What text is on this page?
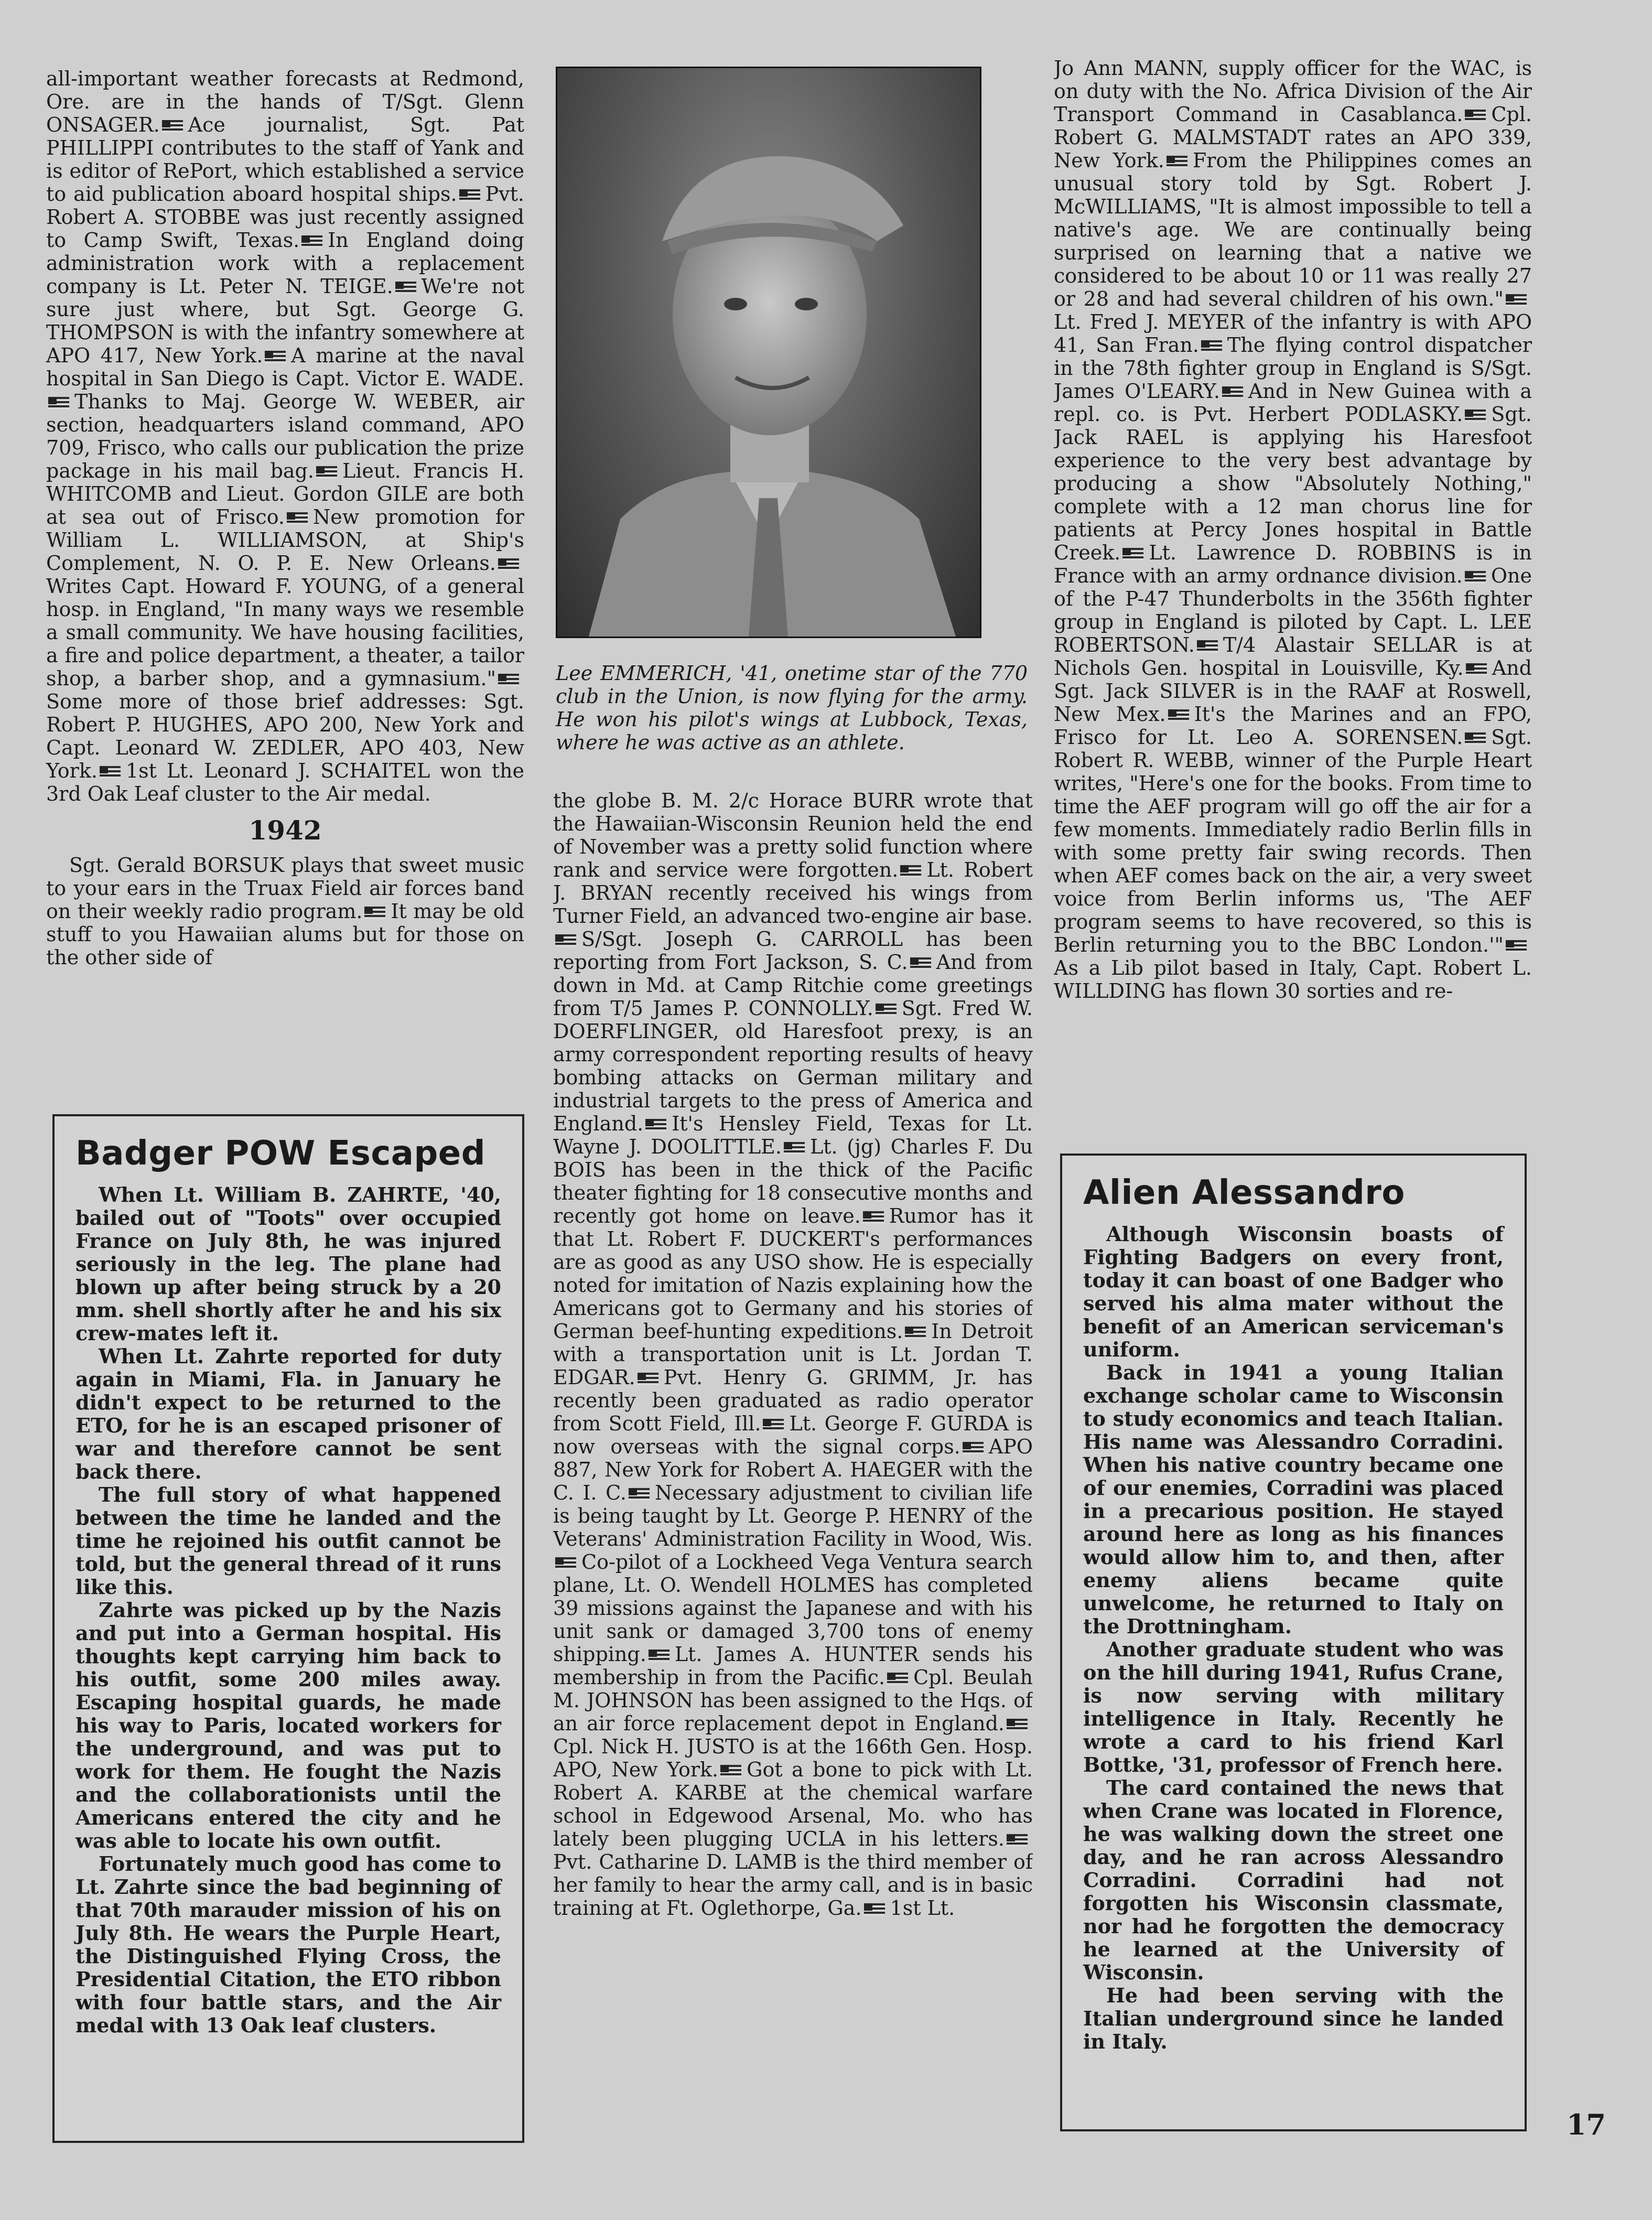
all-important weather forecasts at Redmond, Ore. are in the hands of T/Sgt. Glenn ONSAGER. Ace journalist, Sgt. Pat PHILLIPPI contributes to the staff of Yank and is editor of RePort, which established a service to aid publication aboard hospital ships. Pvt. Robert A. STOBBE was just recently assigned to Camp Swift, Texas. In England doing administration work with a replacement company is Lt. Peter N. TEIGE. We're not sure just where, but Sgt. George G. THOMPSON is with the infantry somewhere at APO 417, New York. A marine at the naval hospital in San Diego is Capt. Victor E. WADE.Thanks to Maj. George W. WEBER, air section, headquarters island command, APO 709, Frisco, who calls our publication the prize package in his mail bag. Lieut. Francis H. WHITCOMB and Lieut. Gordon GILE are both at sea out of Frisco. New promotion for William L. WILLIAMSON, at Ship's Complement, N. O. P. E. New Orleans.Writes Capt. Howard F. YOUNG, of a general hosp. in England, "In many ways we resemble a small community. We have housing facilities, a fire and police department, a theater, a tailor shop, a barber shop, and a gymnasium."Some more of those brief addresses: Sgt. Robert P. HUGHES, APO 200, New York and Capt. Leonard W. ZEDLER, APO 403, New York. 1st Lt. Leonard J. SCHAITEL won the 3rd Oak Leaf cluster to the Air medal.

1942

Sgt. Gerald BORSUK plays that sweet music to your ears in the Truax Field air forces band on their weekly radio program. It may be old stuff to you Hawaiian alums but for those on the other side of

Badger POW Escaped

When Lt. William B. ZAHRTE, '40, bailed out of "Toots" over occupied France on July 8th, he was injured seriously in the leg. The plane had blown up after being struck by a 20 mm. shell shortly after he and his six crew-mates left it.

When Lt. Zahrte reported for duty again in Miami, Fla. in January he didn't expect to be returned to the ETO, for he is an escaped prisoner of war and therefore cannot be sent back there.

The full story of what happened between the time he landed and the time he rejoined his outfit cannot be told, but the general thread of it runs like this.

Zahrte was picked up by the Nazis and put into a German hospital. His thoughts kept carrying him back to his outfit, some 200 miles away. Escaping hospital guards, he made his way to Paris, located workers for the underground, and was put to work for them. He fought the Nazis and the collaborationists until the Americans entered the city and he was able to locate his own outfit.

Fortunately much good has come to Lt. Zahrte since the bad beginning of that 70th marauder mission of his on July 8th. He wears the Purple Heart, the Distinguished Flying Cross, the Presidential Citation, the ETO ribbon with four battle stars, and the Air medal with 13 Oak leaf clusters.

Lee EMMERICH, '41, onetime star of the 770 club in the Union, is now flying for the army. He won his pilot's wings at Lubbock, Texas, where he was active as an athlete.

the globe B. M. 2/c Horace BURR wrote that the Hawaiian-Wisconsin Reunion held the end of November was a pretty solid function where rank and service were forgotten. Lt. Robert J. BRYAN recently received his wings from Turner Field, an advanced two-engine air base.S/Sgt. Joseph G. CARROLL has been reporting from Fort Jackson, S. C. And from down in Md. at Camp Ritchie come greetings from T/5 James P. CONNOLLY. Sgt. Fred W. DOERFLINGER, old Haresfoot prexy, is an army correspondent reporting results of heavy bombing attacks on German military and industrial targets to the press of America and England. It's Hensley Field, Texas for Lt. Wayne J. DOOLITTLE. Lt. (jg) Charles F. Du BOIS has been in the thick of the Pacific theater fighting for 18 consecutive months and recently got home on leave. Rumor has it that Lt. Robert F. DUCKERT's performances are as good as any USO show. He is especially noted for imitation of Nazis explaining how the Americans got to Germany and his stories of German beef-hunting expeditions. In Detroit with a transportation unit is Lt. Jordan T. EDGAR. Pvt. Henry G. GRIMM, Jr. has recently been graduated as radio operator from Scott Field, Ill. Lt. George F. GURDA is now overseas with the signal corps. APO 887, New York for Robert A. HAEGER with the C. I. C. Necessary adjustment to civilian life is being taught by Lt. George P. HENRY of the Veterans' Administration Facility in Wood, Wis.Co-pilot of a Lockheed Vega Ventura search plane, Lt. O. Wendell HOLMES has completed 39 missions against the Japanese and with his unit sank or damaged 3,700 tons of enemy shipping. Lt. James A. HUNTER sends his membership in from the Pacific. Cpl. Beulah M. JOHNSON has been assigned to the Hqs. of an air force replacement depot in England.Cpl. Nick H. JUSTO is at the 166th Gen. Hosp. APO, New York. Got a bone to pick with Lt. Robert A. KARBE at the chemical warfare school in Edgewood Arsenal, Mo. who has lately been plugging UCLA in his letters.Pvt. Catharine D. LAMB is the third member of her family to hear the army call, and is in basic training at Ft. Oglethorpe, Ga. 1st Lt.

Jo Ann MANN, supply officer for the WAC, is on duty with the No. Africa Division of the Air Transport Command in Casablanca. Cpl. Robert G. MALMSTADT rates an APO 339, New York. From the Philippines comes an unusual story told by Sgt. Robert J. McWILLIAMS, "It is almost impossible to tell a native's age. We are continually being surprised on learning that a native we considered to be about 10 or 11 was really 27 or 28 and had several children of his own."Lt. Fred J. MEYER of the infantry is with APO 41, San Fran. The flying control dispatcher in the 78th fighter group in England is S/Sgt. James O'LEARY. And in New Guinea with a repl. co. is Pvt. Herbert PODLASKY. Sgt. Jack RAEL is applying his Haresfoot experience to the very best advantage by producing a show "Absolutely Nothing," complete with a 12 man chorus line for patients at Percy Jones hospital in Battle Creek. Lt. Lawrence D. ROBBINS is in France with an army ordnance division. One of the P-47 Thunderbolts in the 356th fighter group in England is piloted by Capt. L. LEE ROBERTSON. T/4 Alastair SELLAR is at Nichols Gen. hospital in Louisville, Ky. And Sgt. Jack SILVER is in the RAAF at Roswell, New Mex. It's the Marines and an FPO, Frisco for Lt. Leo A. SORENSEN. Sgt. Robert R. WEBB, winner of the Purple Heart writes, "Here's one for the books. From time to time the AEF program will go off the air for a few moments. Immediately radio Berlin fills in with some pretty fair swing records. Then when AEF comes back on the air, a very sweet voice from Berlin informs us, 'The AEF program seems to have recovered, so this is Berlin returning you to the BBC London.'"As a Lib pilot based in Italy, Capt. Robert L. WILLDING has flown 30 sorties and re-

Alien Alessandro

Although Wisconsin boasts of Fighting Badgers on every front, today it can boast of one Badger who served his alma mater without the benefit of an American serviceman's uniform.

Back in 1941 a young Italian exchange scholar came to Wisconsin to study economics and teach Italian. His name was Alessandro Corradini. When his native country became one of our enemies, Corradini was placed in a precarious position. He stayed around here as long as his finances would allow him to, and then, after enemy aliens became quite unwelcome, he returned to Italy on the Drottningham.

Another graduate student who was on the hill during 1941, Rufus Crane, is now serving with military intelligence in Italy. Recently he wrote a card to his friend Karl Bottke, '31, professor of French here.

The card contained the news that when Crane was located in Florence, he was walking down the street one day, and he ran across Alessandro Corradini. Corradini had not forgotten his Wisconsin classmate, nor had he forgotten the democracy he learned at the University of Wisconsin.

He had been serving with the Italian underground since he landed in Italy.

17
